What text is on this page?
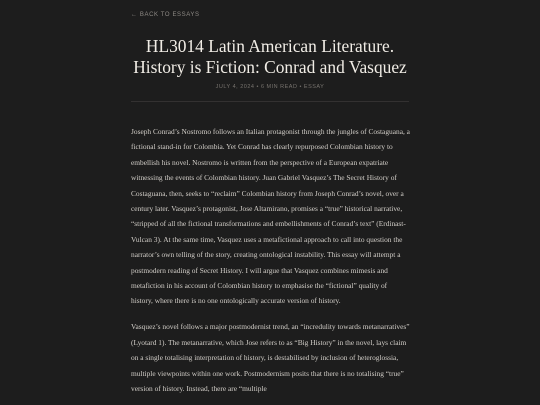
← BACK TO ESSAYS
HL3014 Latin American Literature.
History is Fiction: Conrad and Vasquez
JULY 4, 2024 • 6 MIN READ • ESSAY

Joseph Conrad’s Nostromo follows an Italian protagonist through the jungles of Costaguana, a fictional stand-in for Colombia. Yet Conrad has clearly repurposed Colombian history to embellish his novel. Nostromo is written from the perspective of a European expatriate witnessing the events of Colombian history. Juan Gabriel Vasquez’s The Secret History of Costaguana, then, seeks to “reclaim” Colombian history from Joseph Conrad’s novel, over a century later. Vasquez’s protagonist, Jose Altamirano, promises a “true” historical narrative, “stripped of all the fictional transformations and embellishments of Conrad’s text” (Erdinast-Vulcan 3). At the same time, Vasquez uses a metafictional approach to call into question the narrator’s own telling of the story, creating ontological instability. This essay will attempt a postmodern reading of Secret History. I will argue that Vasquez combines mimesis and metafiction in his account of Colombian history to emphasise the “fictional” quality of history, where there is no one ontologically accurate version of history.

Vasquez’s novel follows a major postmodernist trend, an “incredulity towards metanarratives” (Lyotard 1). The metanarrative, which Jose refers to as “Big History” in the novel, lays claim on a single totalising interpretation of history, is destabilised by inclusion of heteroglossia, multiple viewpoints within one work. Postmodernism posits that there is no totalising “true” version of history. Instead, there are “multiple
